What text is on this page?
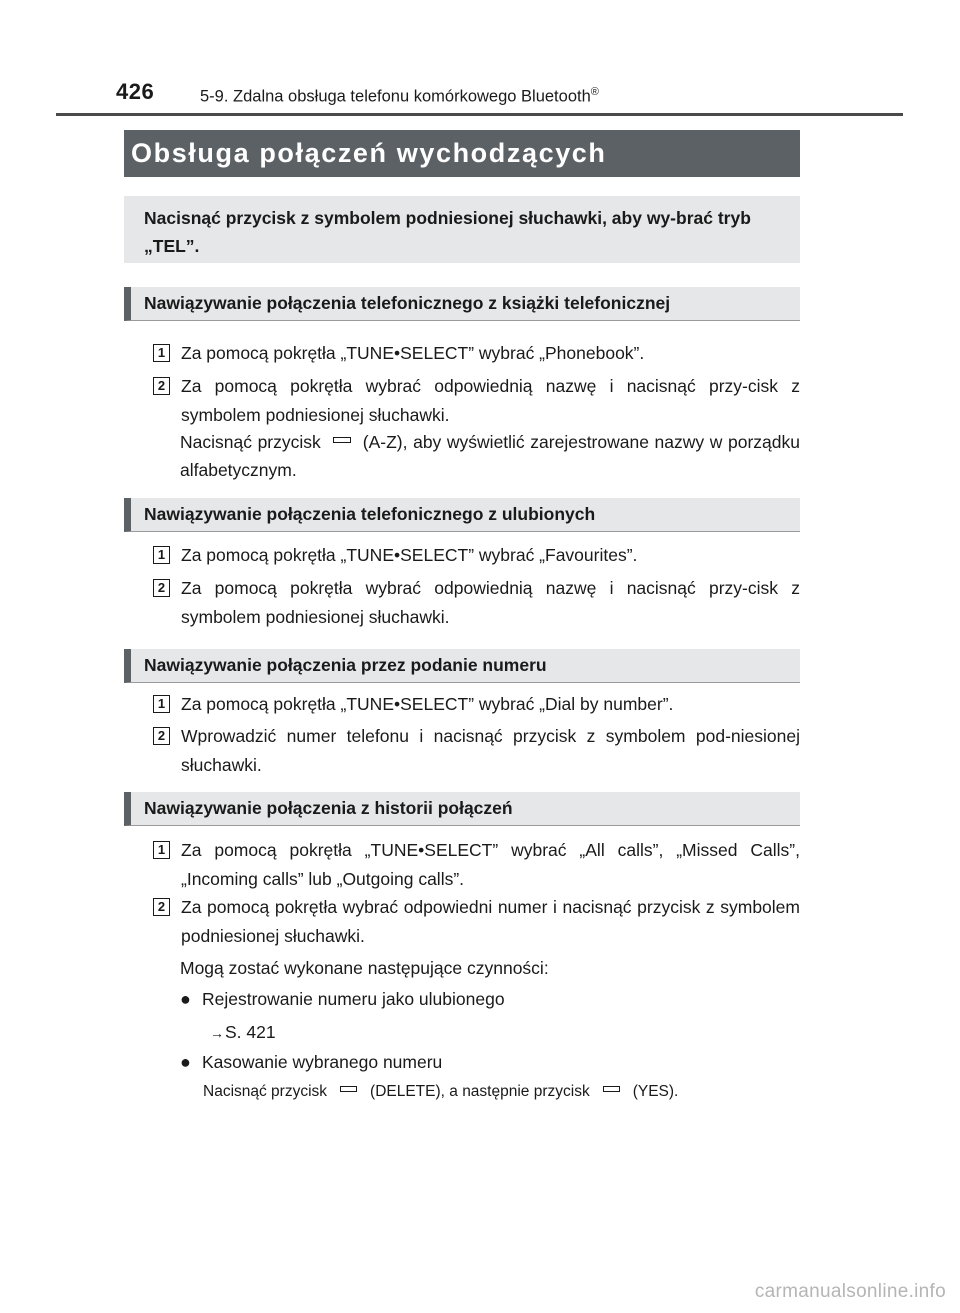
426	5-9. Zdalna obsługa telefonu komórkowego Bluetooth®
Obsługa połączeń wychodzących
Nacisnąć przycisk z symbolem podniesionej słuchawki, aby wy-brać tryb „TEL”.
Nawiązywanie połączenia telefonicznego z książki telefonicznej
1 Za pomocą pokrętła „TUNE•SELECT” wybrać „Phonebook”.
2 Za pomocą pokrętła wybrać odpowiednią nazwę i nacisnąć przy-cisk z symbolem podniesionej słuchawki.
Nacisnąć przycisk (A-Z), aby wyświetlić zarejestrowane nazwy w porządku alfabetycznym.
Nawiązywanie połączenia telefonicznego z ulubionych
1 Za pomocą pokrętła „TUNE•SELECT” wybrać „Favourites”.
2 Za pomocą pokrętła wybrać odpowiednią nazwę i nacisnąć przy-cisk z symbolem podniesionej słuchawki.
Nawiązywanie połączenia przez podanie numeru
1 Za pomocą pokrętła „TUNE•SELECT” wybrać „Dial by number”.
2 Wprowadzić numer telefonu i nacisnąć przycisk z symbolem pod-niesionej słuchawki.
Nawiązywanie połączenia z historii połączeń
1 Za pomocą pokrętła „TUNE•SELECT” wybrać „All calls”, „Missed Calls”, „Incoming calls” lub „Outgoing calls”.
2 Za pomocą pokrętła wybrać odpowiedni numer i nacisnąć przycisk z symbolem podniesionej słuchawki.
Mogą zostać wykonane następujące czynności:
● Rejestrowanie numeru jako ulubionego
→S. 421
● Kasowanie wybranego numeru
Nacisnąć przycisk	(DELETE), a następnie przycisk	(YES).
carmanualsonline.info
